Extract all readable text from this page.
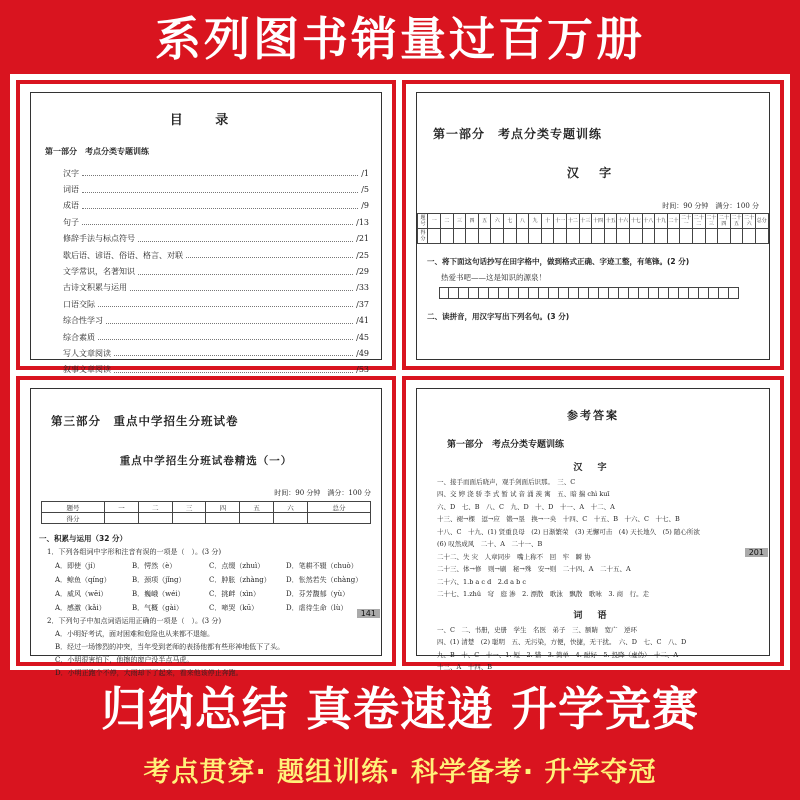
系列图书销量过百万册
目 录
第一部分　考点分类专题训练
汉字	/1
词语	/5
成语	/9
句子	/13
修辞手法与标点符号	/21
歇后语、谚语、俗语、格言、对联	/25
文学常识，名著知识	/29
古诗文积累与运用	/33
口语交际	/37
综合性学习	/41
综合素质	/45
写人文章阅读	/49
叙事文章阅读	/53
第一部分　考点分类专题训练
汉 字
时间：90 分钟　满分：100 分
题号	一	二	三	四	五	六	七	八	九	十	十一	十二	十三	十四	十五	十六	十七	十八	十九	二十	二十一	二十二	二十三	二十四	二十五	二十六	总分
得分																											
一、将下面这句话抄写在田字格中，做到格式正确、字迹工整，有笔锋。(2 分)
热爱书吧——这是知识的源泉！
二、读拼音，用汉字写出下列名句。(3 分)
第三部分　重点中学招生分班试卷
重点中学招生分班试卷精选（一）
时间：90 分钟　满分：100 分
题号	一	二	三	四	五	六	总分
得分							
一、积累与运用（32 分）
1．下列各组词中字形和注音有误的一项是（　）。(3 分)
A．即使（jí）	B．愕然（è）	C．点缀（zhuì）	D．笔耕不辍（chuò）
A．鲸鱼（qíng）	B．颈项（jǐng）	C．肿胀（zhàng）	D．怅然若失（chàng）
A．威风（wēi）	B．巍峨（wéi）	C．挑衅（xìn）	D．芬芳馥郁（yù）
A．感激（kǎi）	B．气概（gài）	C．啼哭（kū）	D．虐待生命（lù）
2．下列句子中加点词语运用正确的一项是（　）。(3 分)
A．小明好考试，面对困难和危险也从来都不退缩。
B．经过一场惨烈的冲突，当年受到老师的表扬他都有些形神地低下了头。
C．小明很害怕下，他擦的窗户没半点马虎。
D．小明正跑个不停，大雨却下了起来，看来他该停止奔跑。
141
参考答案
第一部分　考点分类专题训练
汉 字
一、接手而面后晓声，观手剑面后识那。　三、C
四、交 婷 浇 骄 李 式 暂 试 音 涌 羡 寓　五、暗 揣 chì kuī
六、D　七、B　八、C　九、D　十、D　十一、A　十二、A
十三、褪→棵　逗→应　锻→垦　换→一央　十四、C　十五、B　十六、C　十七、B
十八、C　十九、(1) 贤重良母　(2) 日渐繁荣　(3) 无懈可击　(4) 天长地久　(5) 随心所欲
(6) 叹然成风　二十、A　二十一、B
二十二、失 灾　人章同步　嘴上称不　回　牢　瞬 协
二十三、体→修　则→刷　秘→殊　安→则　二十四、A　二十五、A
二十六、1.b a c d　2.d a b c
二十七、1.zhǔ　穹　庭 渗　2. 漂散　歌泳　飘散　歌咏　3. 商　行。走
词 语
一、C　二、书册，史册　学生　名医　弟子　三、额睛　宽广　逆环
四、(1) 清楚　(2) 聪明　五、无污染，方便，快捷，无干扰。　六、D　七、C　八、D
九、B　十、C　十一、1. 短　2. 错　3. 简单　4. 耐好　5. 投降（虚伪）　十二、A
十三、A　十四、B
201
归纳总结 真卷速递 升学竞赛
考点贯穿· 题组训练· 科学备考· 升学夺冠
